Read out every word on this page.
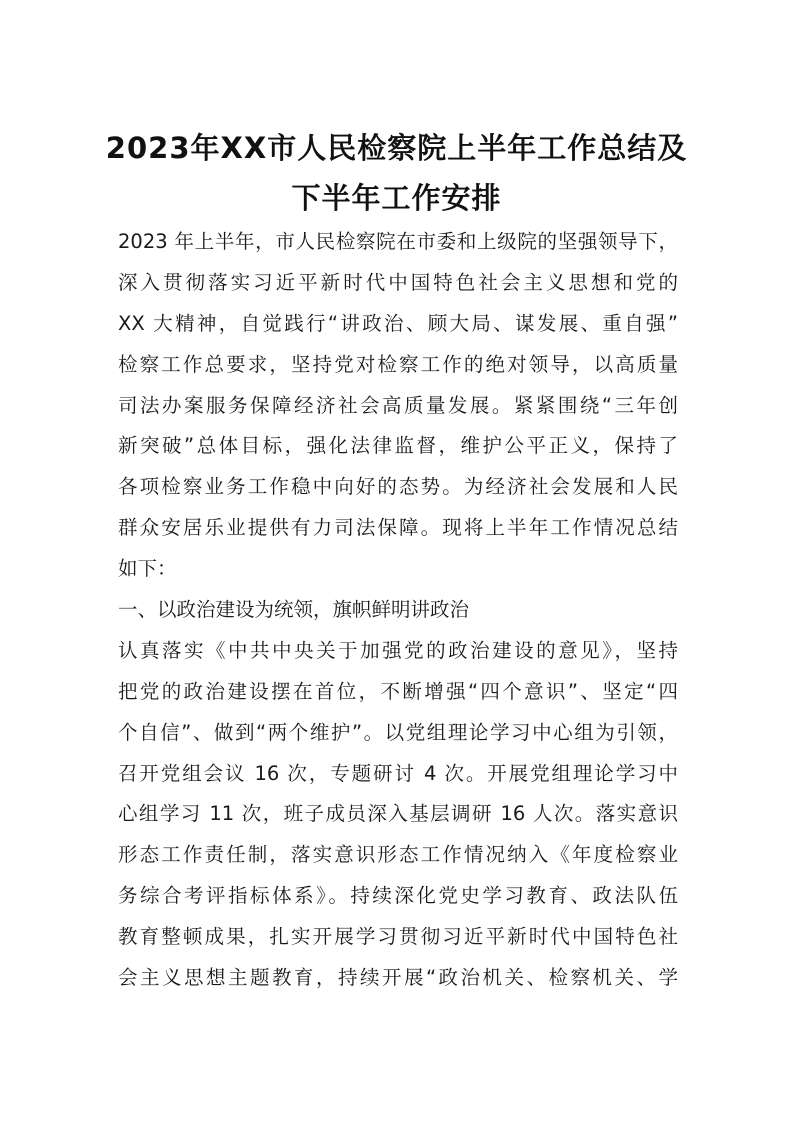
2023年XX市人民检察院上半年工作总结及
下半年工作安排
2023 年上半年，市人民检察院在市委和上级院的坚强领导下，
深入贯彻落实习近平新时代中国特色社会主义思想和党的
XX 大精神，自觉践行“讲政治、顾大局、谋发展、重自强”
检察工作总要求，坚持党对检察工作的绝对领导，以高质量
司法办案服务保障经济社会高质量发展。紧紧围绕“三年创
新突破”总体目标，强化法律监督，维护公平正义，保持了
各项检察业务工作稳中向好的态势。为经济社会发展和人民
群众安居乐业提供有力司法保障。现将上半年工作情况总结
如下：
一、以政治建设为统领，旗帜鲜明讲政治
认真落实《中共中央关于加强党的政治建设的意见》，坚持
把党的政治建设摆在首位，不断增强“四个意识”、坚定“四
个自信”、做到“两个维护”。以党组理论学习中心组为引领，
召开党组会议 16 次，专题研讨 4 次。开展党组理论学习中
心组学习 11 次，班子成员深入基层调研 16 人次。落实意识
形态工作责任制，落实意识形态工作情况纳入《年度检察业
务综合考评指标体系》。持续深化党史学习教育、政法队伍
教育整顿成果，扎实开展学习贯彻习近平新时代中国特色社
会主义思想主题教育，持续开展“政治机关、检察机关、学
